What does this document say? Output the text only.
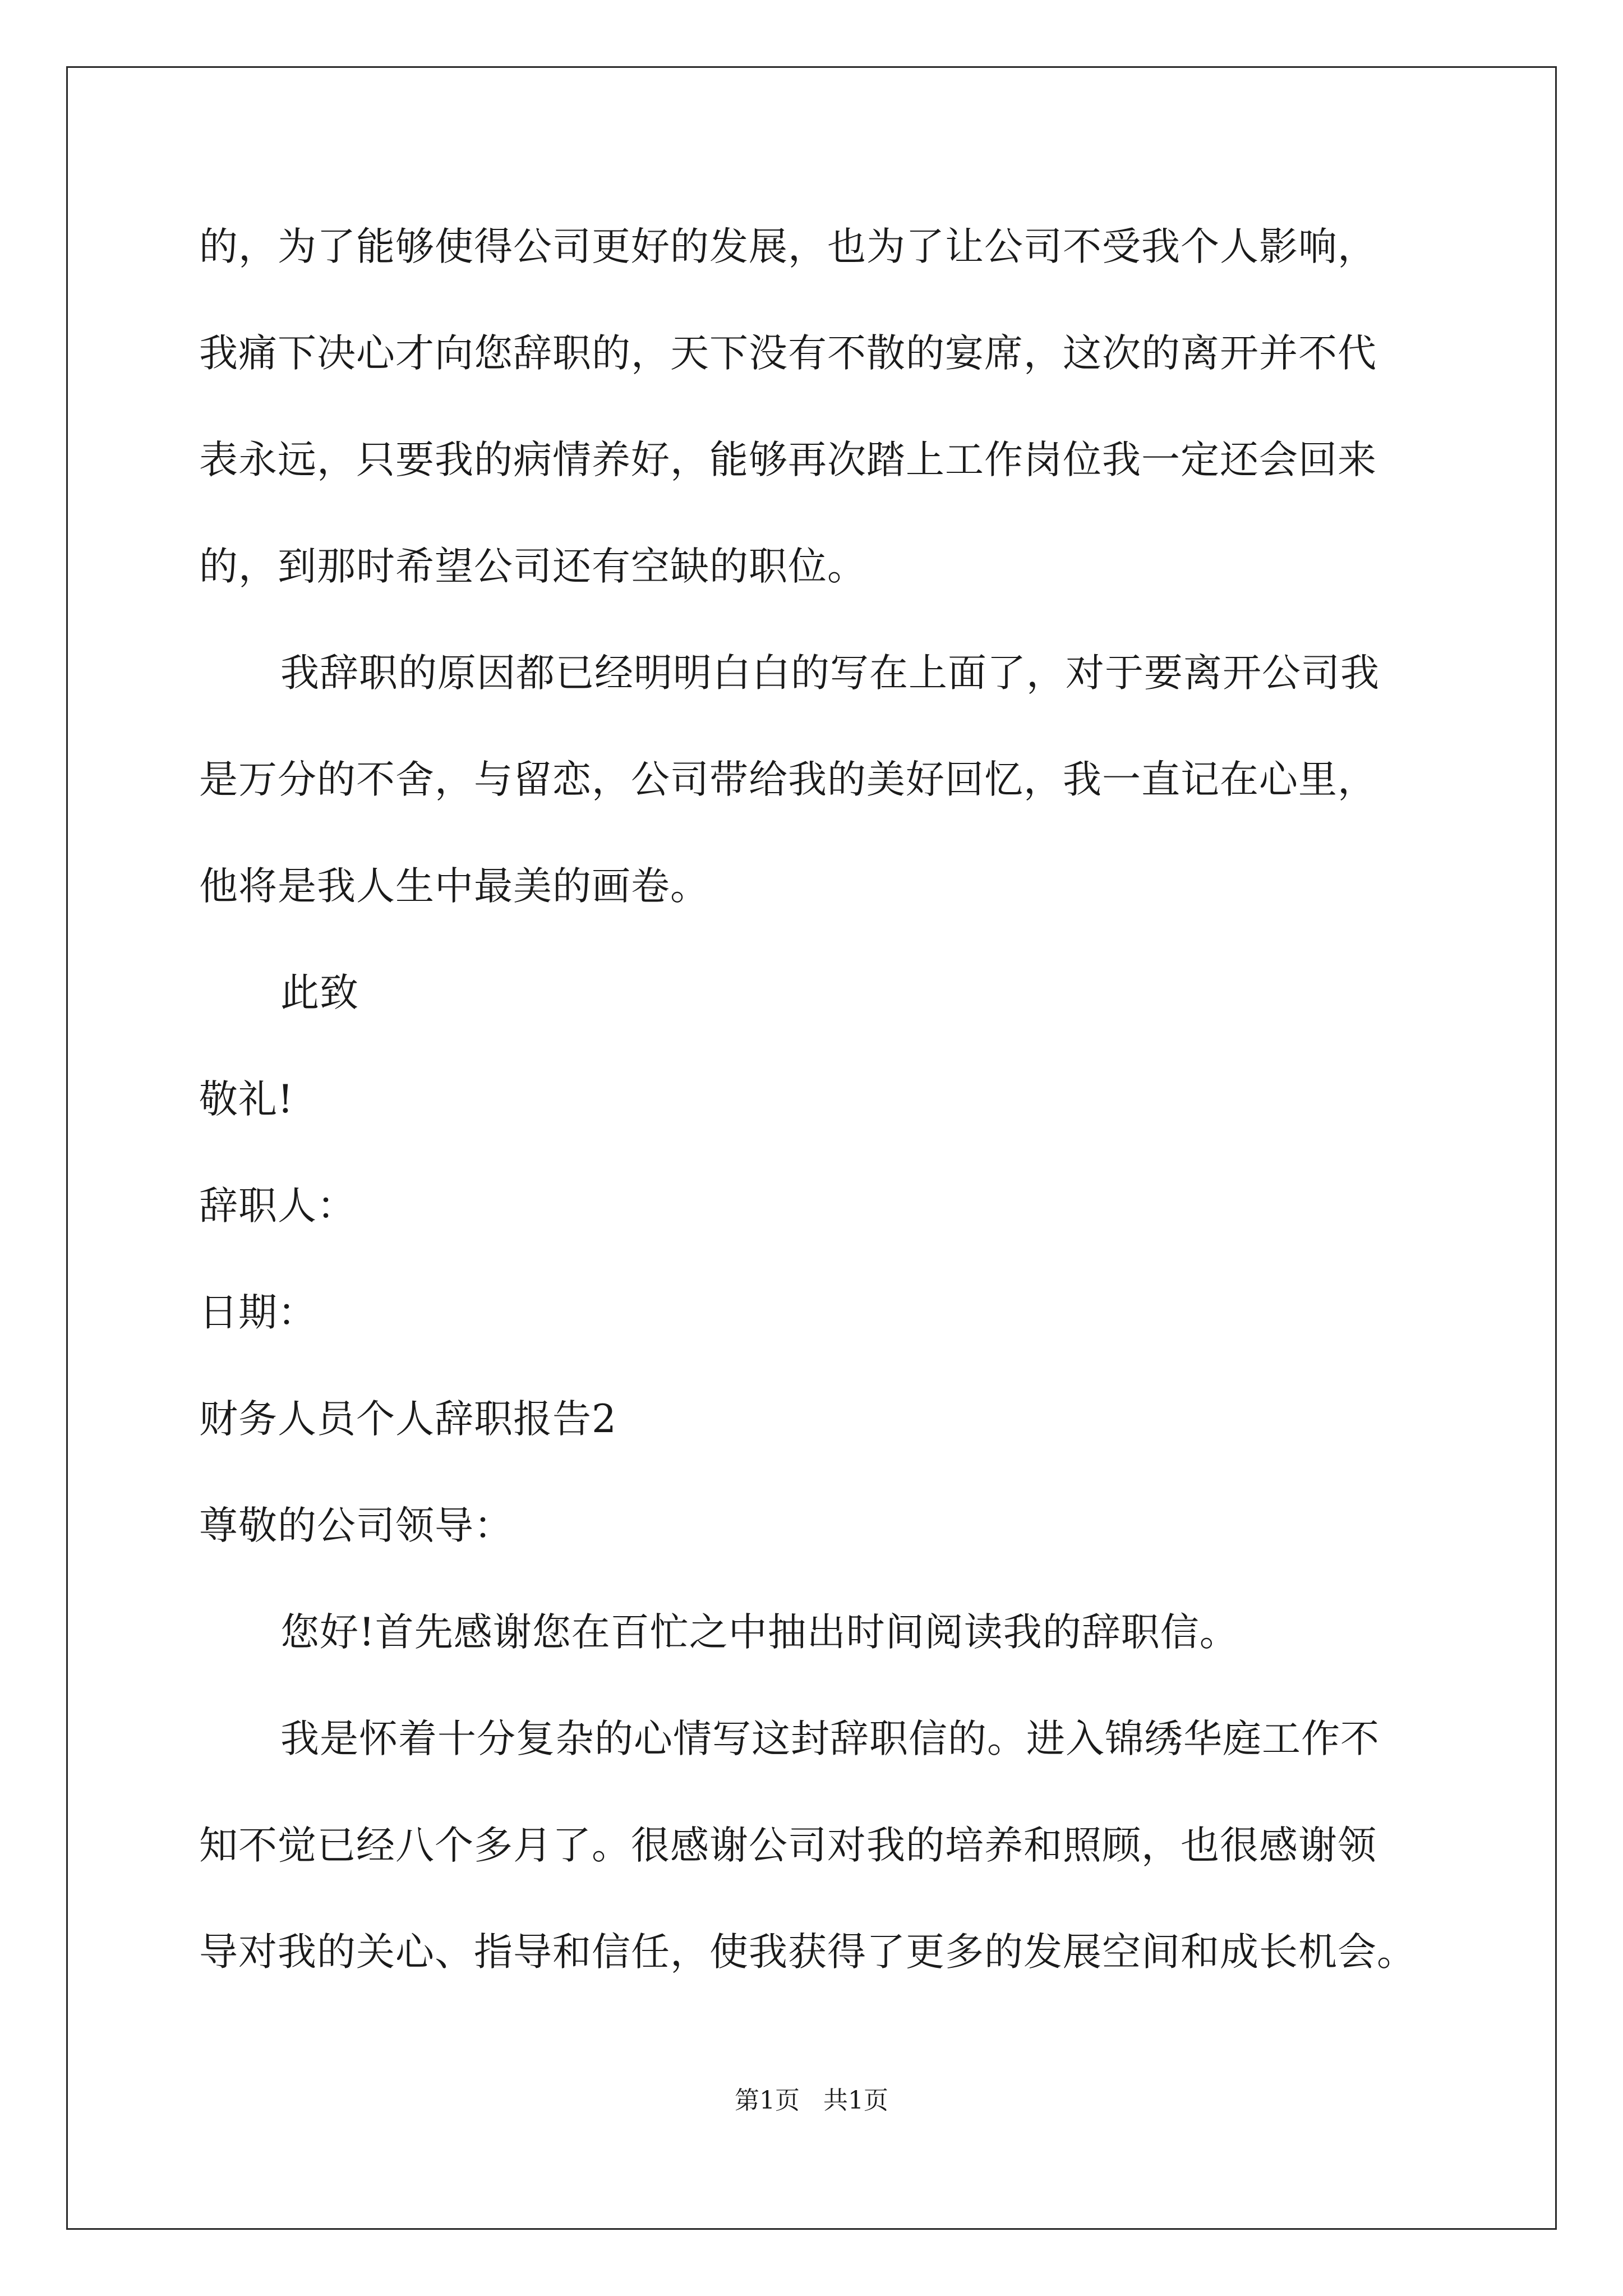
的，为了能够使得公司更好的发展，也为了让公司不受我个人影响，
我痛下决心才向您辞职的，天下没有不散的宴席，这次的离开并不代
表永远，只要我的病情养好，能够再次踏上工作岗位我一定还会回来
的，到那时希望公司还有空缺的职位。
我辞职的原因都已经明明白白的写在上面了，对于要离开公司我
是万分的不舍，与留恋，公司带给我的美好回忆，我一直记在心里，
他将是我人生中最美的画卷。
此致
敬礼!
辞职人：
日期：
财务人员个人辞职报告2
尊敬的公司领导：
您好!首先感谢您在百忙之中抽出时间阅读我的辞职信。
我是怀着十分复杂的心情写这封辞职信的。进入锦绣华庭工作不
知不觉已经八个多月了。很感谢公司对我的培养和照顾，也很感谢领
导对我的关心、指导和信任，使我获得了更多的发展空间和成长机会。
第1页   共1页
